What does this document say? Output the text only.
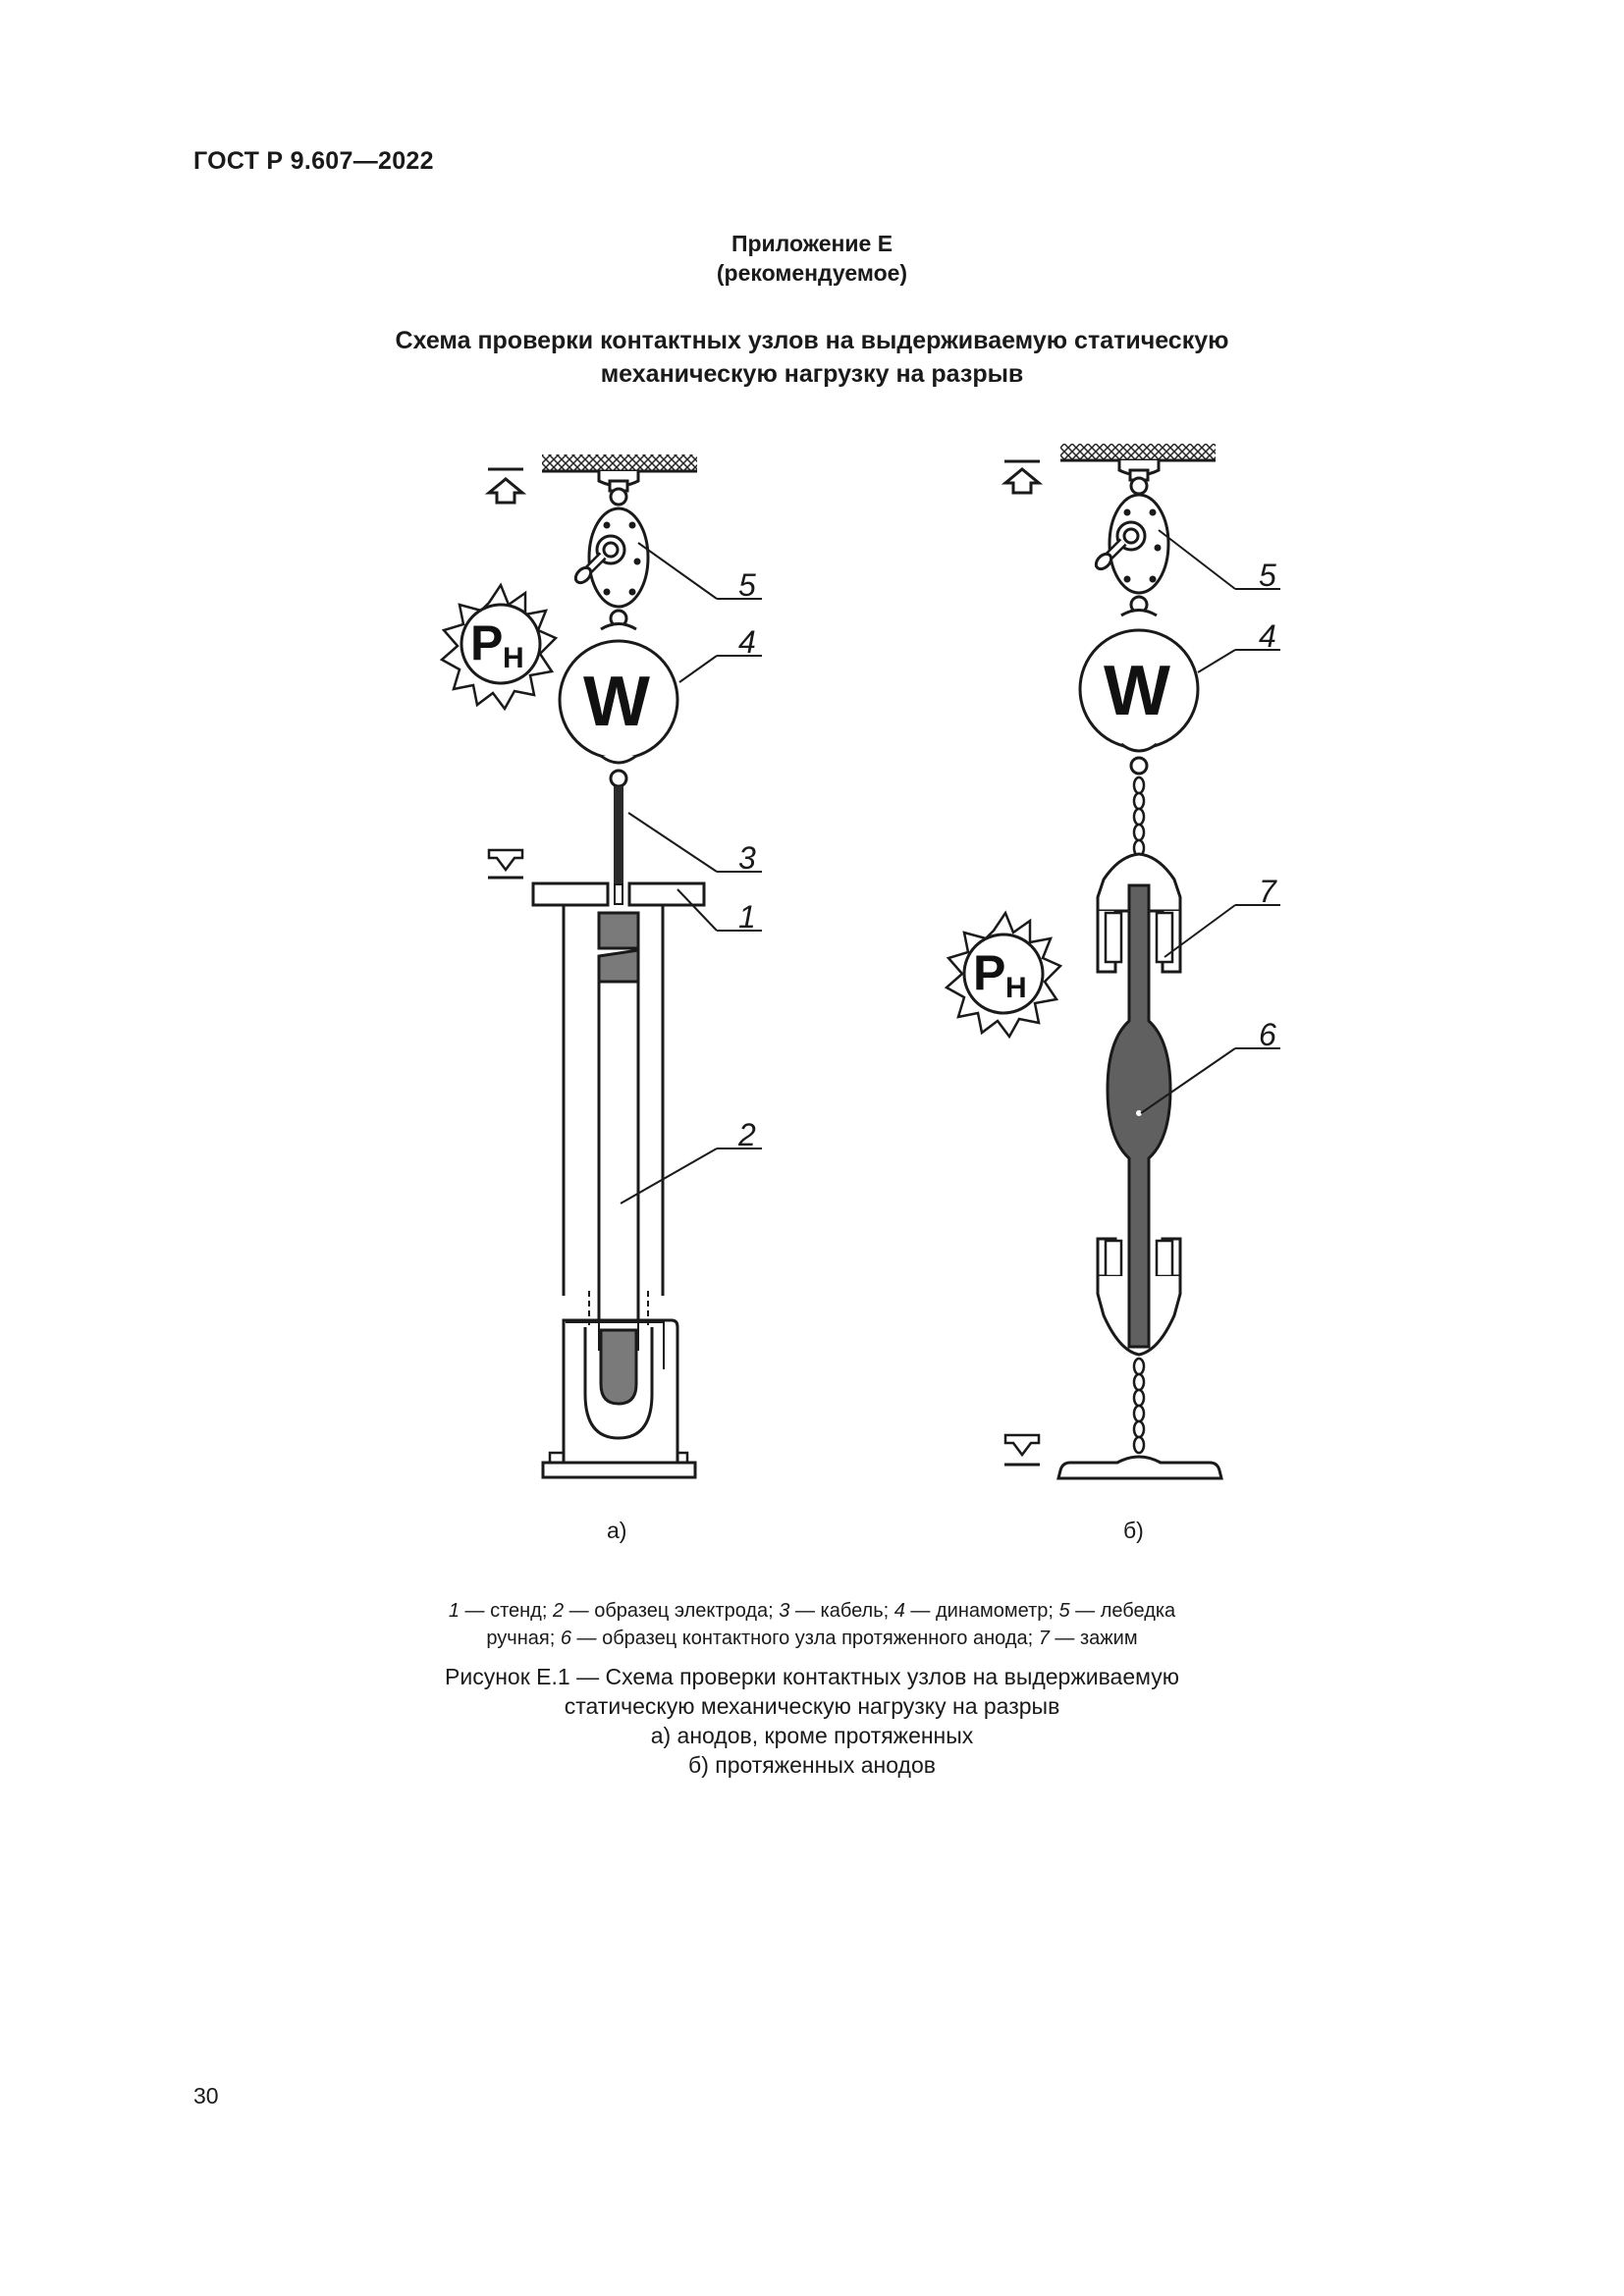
ГОСТ Р 9.607—2022
Приложение Е
(рекомендуемое)
Схема проверки контактных узлов на выдерживаемую статическую
механическую нагрузку на разрыв
P Н
W
5
4
3
1
2
P Н
W
5
4
7
6
а)	б)
1 — стенд; 2 — образец электрода; 3 — кабель; 4 — динамометр; 5 — лебедка
ручная; 6 — образец контактного узла протяженного анода; 7 — зажим
Рисунок Е.1 — Схема проверки контактных узлов на выдерживаемую
статическую механическую нагрузку на разрыв
а) анодов, кроме протяженных
б) протяженных анодов
30
